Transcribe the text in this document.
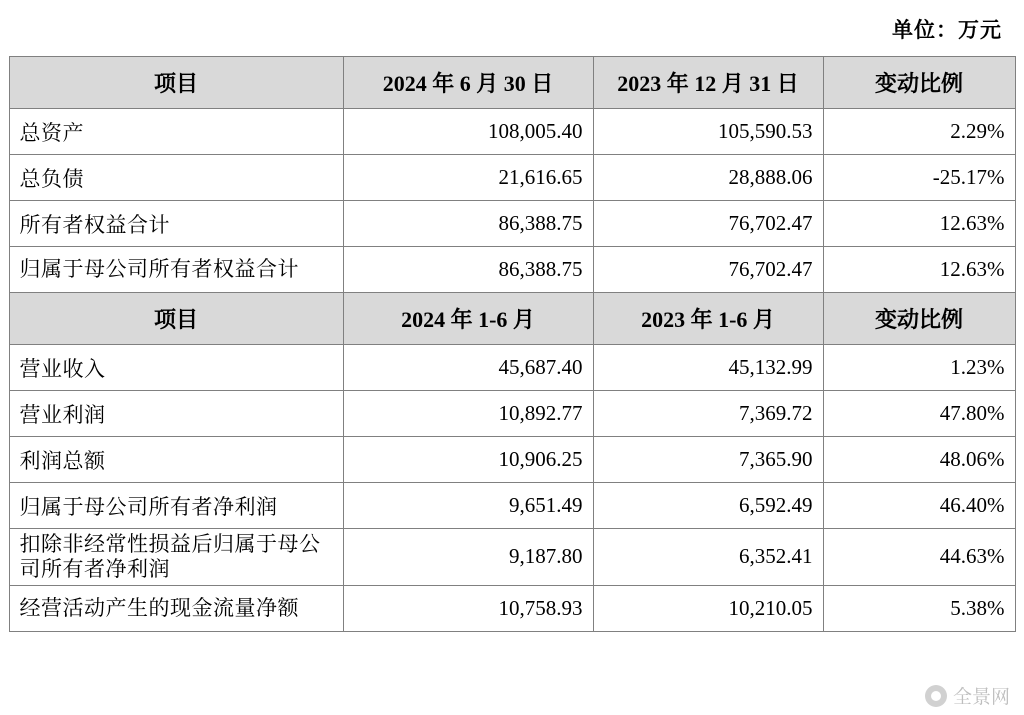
单位：万元
项目	2024 年 6 月 30 日	2023 年 12 月 31 日	变动比例
总资产	108,005.40	105,590.53	2.29%
总负债	21,616.65	28,888.06	-25.17%
所有者权益合计	86,388.75	76,702.47	12.63%
归属于母公司所有者权益合计	86,388.75	76,702.47	12.63%
项目	2024 年 1-6 月	2023 年 1-6 月	变动比例
营业收入	45,687.40	45,132.99	1.23%
营业利润	10,892.77	7,369.72	47.80%
利润总额	10,906.25	7,365.90	48.06%
归属于母公司所有者净利润	9,651.49	6,592.49	46.40%
扣除非经常性损益后归属于母公司所有者净利润	9,187.80	6,352.41	44.63%
经营活动产生的现金流量净额	10,758.93	10,210.05	5.38%
全景网
